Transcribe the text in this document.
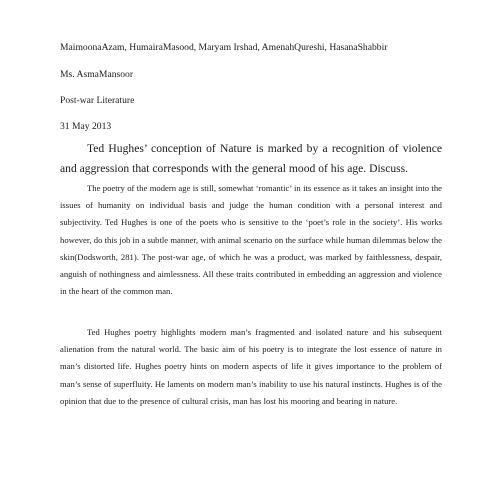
MaimoonaAzam, HumairaMasood, Maryam Irshad, AmenahQureshi, HasanaShabbir
Ms. AsmaMansoor
Post-war Literature
31 May 2013
Ted Hughes’ conception of Nature is marked by a recognition of violence and aggression that corresponds with the general mood of his age. Discuss.
The poetry of the modern age is still, somewhat ‘romantic’ in its essence as it takes an insight into the issues of humanity on individual basis and judge the human condition with a personal interest and subjectivity. Ted Hughes is one of the poets who is sensitive to the ‘poet’s role in the society’. His works however, do this job in a subtle manner, with animal scenario on the surface while human dilemmas below the skin(Dodsworth, 281). The post-war age, of which he was a product, was marked by faithlessness, despair, anguish of nothingness and aimlessness. All these traits contributed in embedding an aggression and violence in the heart of the common man.
Ted Hughes poetry highlights modern man’s fragmented and isolated nature and his subsequent alienation from the natural world. The basic aim of his poetry is to integrate the lost essence of nature in man’s distorted life. Hughes poetry hints on modern aspects of life it gives importance to the problem of man’s sense of superfluity. He laments on modern man’s inability to use his natural instincts. Hughes is of the opinion that due to the presence of cultural crisis, man has lost his mooring and bearing in nature.
